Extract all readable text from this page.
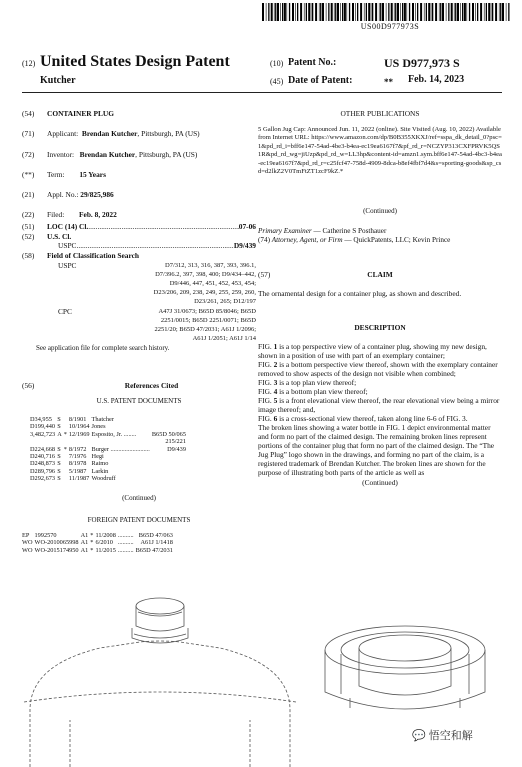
US00D977973S
(12) United States Design Patent
Kutcher
(10) Patent No.:	US D977,973 S
(45) Date of Patent:	** Feb. 14, 2023
(54) CONTAINER PLUG
(71) Applicant: Brendan Kutcher, Pittsburgh, PA (US)
(72) Inventor: Brendan Kutcher, Pittsburgh, PA (US)
(**) Term: 15 Years
(21) Appl. No.: 29/825,986
(22) Filed: Feb. 8, 2022
(51) LOC (14) Cl. .....	07-06
(52) U.S. Cl.
USPC .....	D9/439
(58) Field of Classification Search
USPC	D7/312, 313, 316, 387, 393, 396.1,
D7/396.2, 397, 398, 400; D9/434–442,
D9/446, 447, 451, 452, 453, 454;
D23/206, 209, 238, 249, 255, 259, 260,
D23/261, 265; D12/197
CPC	A47J 31/0673; B65D 85/8046; B65D
2251/0015; B65D 2251/0071; B65D
2251/20; B65D 47/2031; A61J 1/2096;
A61J 1/2051; A61J 1/14
See application file for complete search history.
(56)	References Cited
U.S. PATENT DOCUMENTS
D34,955	S		8/1901	Thatcher	
D199,440	S		10/1964	Jones	
3,482,723	A	*	12/1969	Esposito, Jr. ........	B65D 50/065
					215/221
D224,668	S	*	8/1972	Burger .........................	D9/439
D240,716	S		7/1976	Hegi	
D248,873	S		8/1978	Raimo	
D289,796	S		5/1987	Larkin	
D292,673	S		11/1987	Woodruff	
(Continued)
FOREIGN PATENT DOCUMENTS
EP	1992570	A1	*	11/2008	..........	B65D 47/063
WO	WO-2010065998	A1	*	6/2010	..........	A61J 1/1418
WO	WO-2015174950	A1	*	11/2015	..........	B65D 47/2031
OTHER PUBLICATIONS
5 Gallon Jug Cap: Announced Jun. 11, 2022 (online). Site Visited (Aug. 10, 2022) Available from Internet URL: https://www.amazon.com/dp/B0B355XKXJ/ref=sspa_dk_detail_0?psc=1&pd_rd_i=bff6e147-54ad-4be3-b4ea-ec19ea6167f7&pf_rd_r=NCZYP313CXFPRVK5QS1R&pd_rd_wg=jiUzp&pd_rd_w=LL3hp&content-id=amzn1.sym.bff6e147-54ad-4bc3-b4ea-ec19ea6167f7&pd_rd_r=c25fcf47-758d-4909-8dca-b8ef4fbf7d4&s=sporting-goods&sp_csd=d2lkZ2V0TmFtZT1zcF9kZ.*
(Continued)
Primary Examiner — Catherine S Posthauer
(74) Attorney, Agent, or Firm — QuickPatents, LLC; Kevin Prince
(57)	CLAIM
The ornamental design for a container plug, as shown and described.
DESCRIPTION
FIG. 1 is a top perspective view of a container plug, showing my new design, shown in a position of use with part of an exemplary container;
FIG. 2 is a bottom perspective view thereof, shown with the exemplary container removed to show aspects of the design not visible when combined;
FIG. 3 is a top plan view thereof;
FIG. 4 is a bottom plan view thereof;
FIG. 5 is a front elevational view thereof, the rear elevational view being a mirror image thereof; and,
FIG. 6 is a cross-sectional view thereof, taken along line 6-6 of FIG. 3.
The broken lines showing a water bottle in FIG. 1 depict environmental matter and form no part of the claimed design. The remaining broken lines represent portions of the container plug that form no part of the claimed design. The “The Jug Plug” logo shown in the drawings, and forming no part of the claim, is a registered trademark of Brendan Kutcher. The broken lines are shown for the purpose of illustrating both parts of the article as well as
(Continued)
💬 悟空和解
